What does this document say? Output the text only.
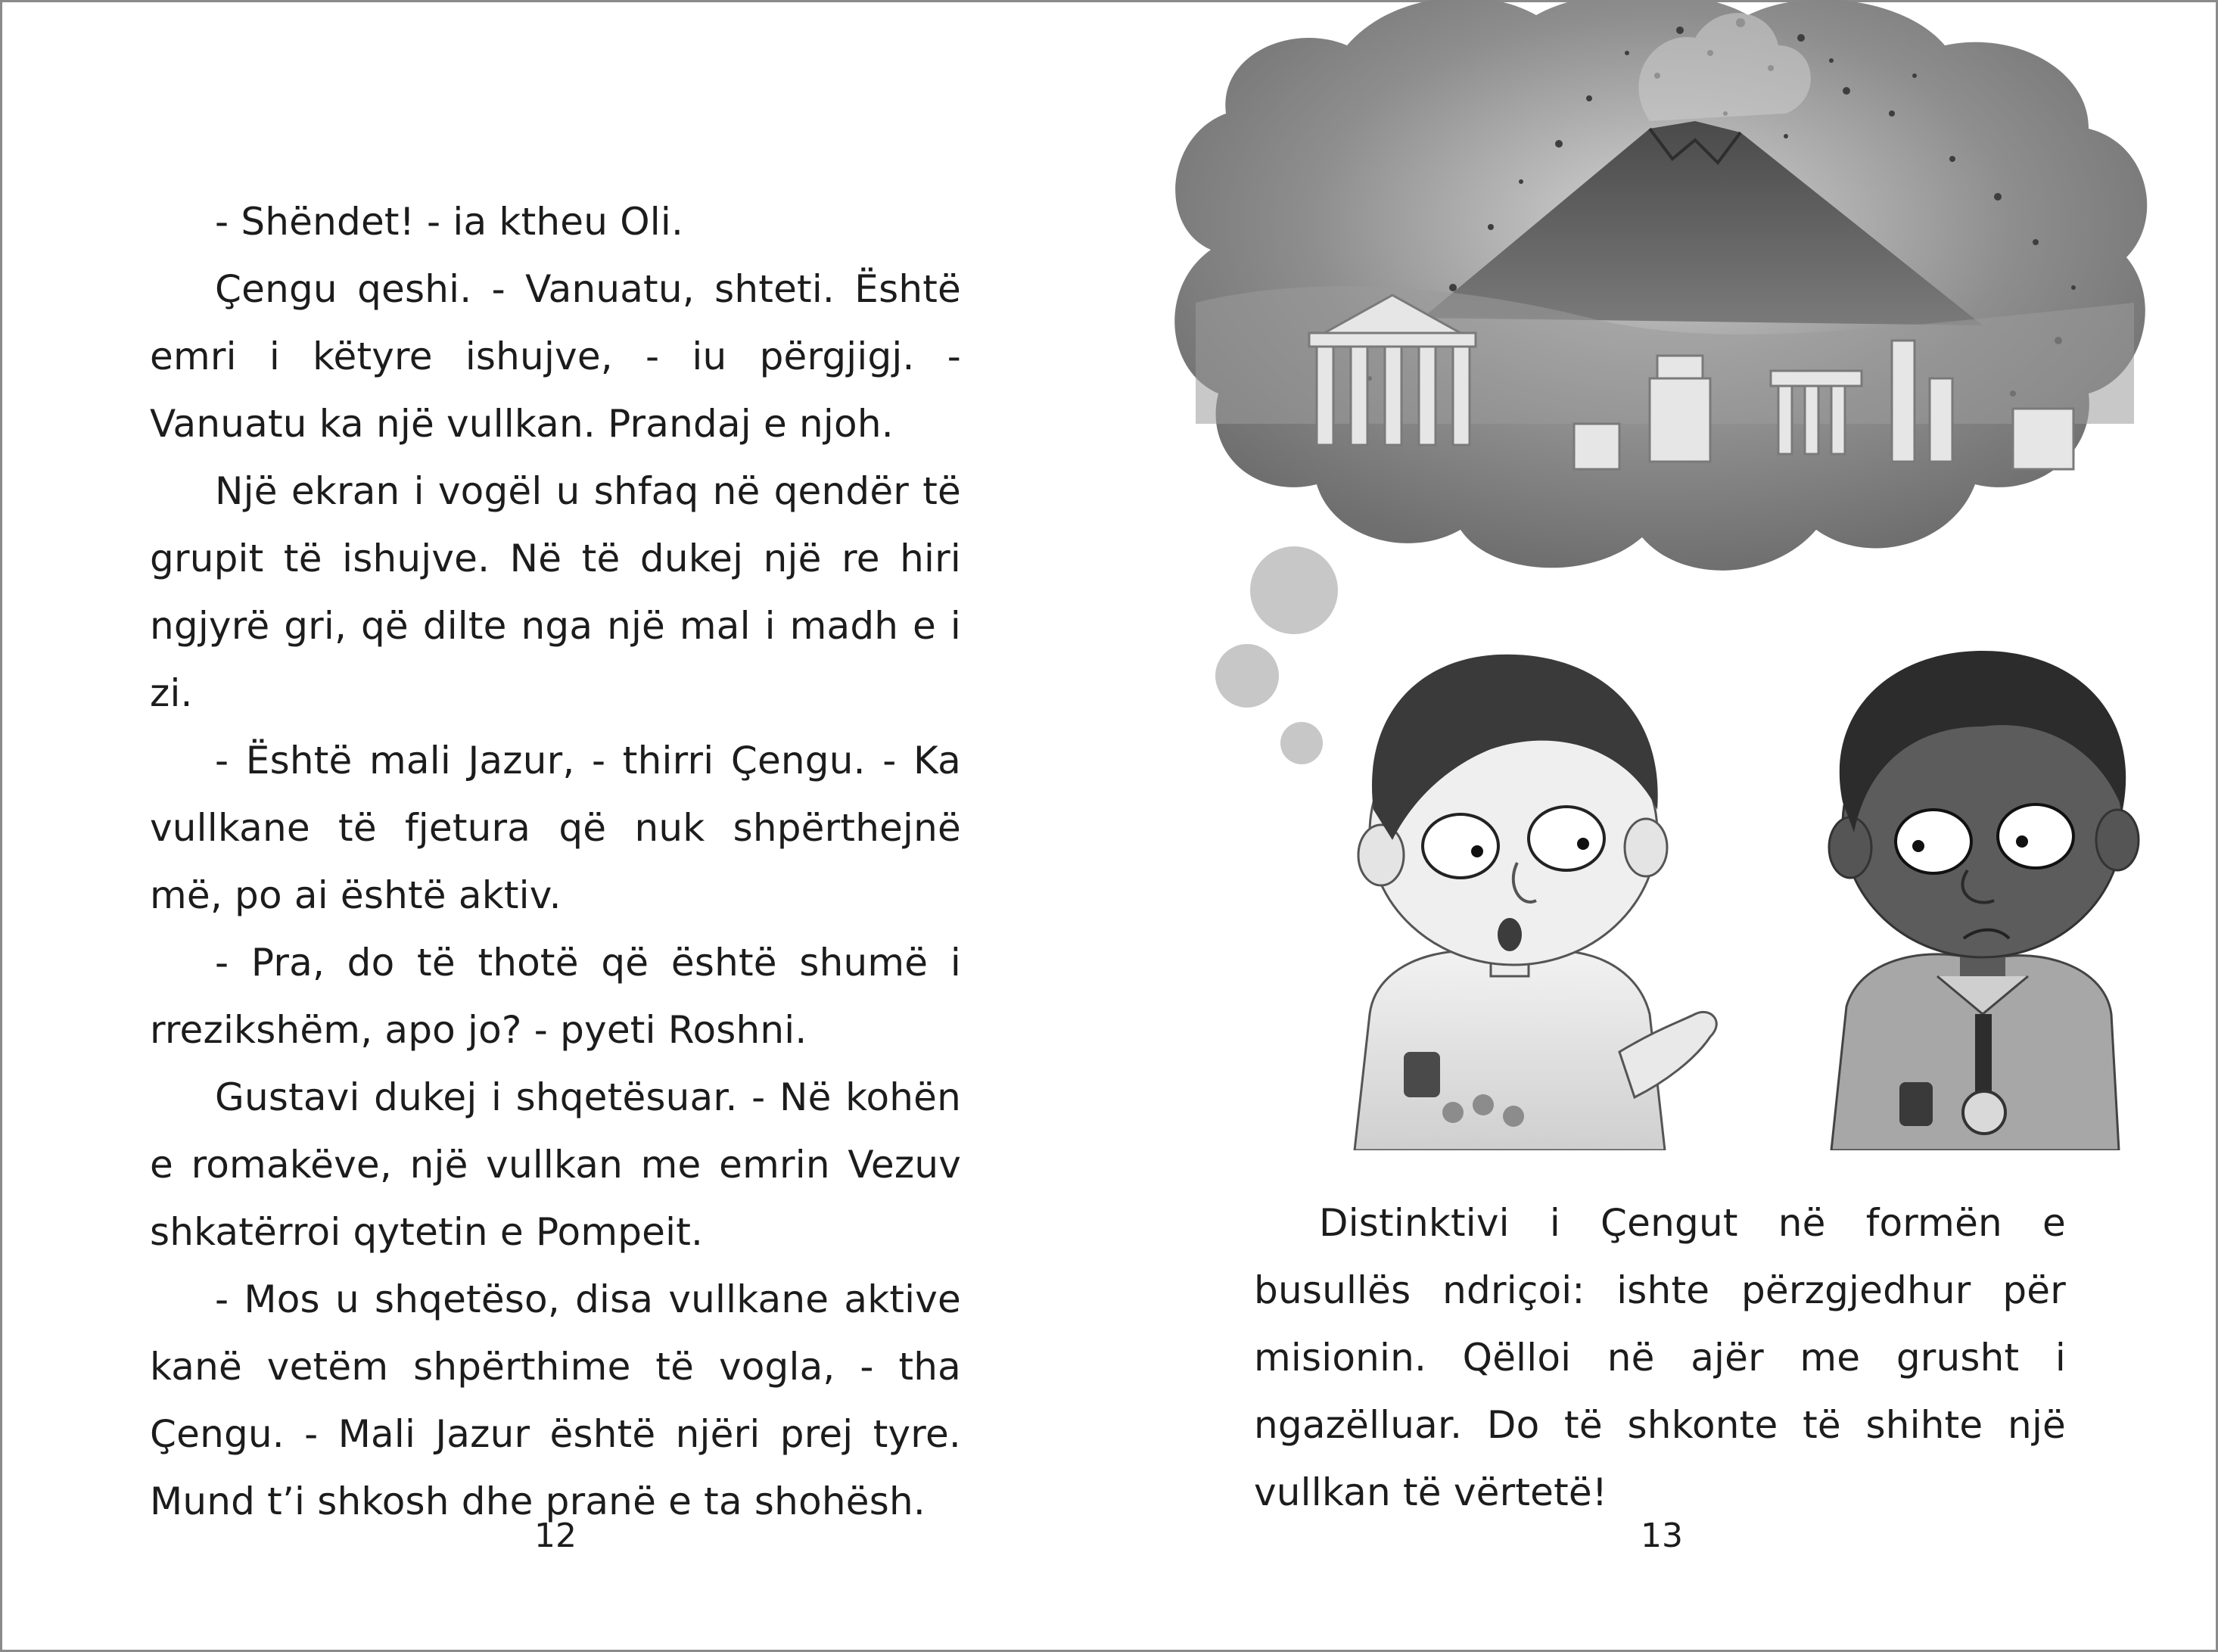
- Shëndet! - ia ktheu Oli.

Çengu qeshi. - Vanuatu, shteti. Është emri i këtyre ishujve, - iu përgjigj. - Vanuatu ka një vullkan. Prandaj e njoh.

Një ekran i vogël u shfaq në qendër të grupit të ishujve. Në të dukej një re hiri ngjyrë gri, që dilte nga një mal i madh e i zi.

- Është mali Jazur, - thirri Çengu. - Ka vullkane të fjetura që nuk shpërthejnë më, po ai është aktiv.

- Pra, do të thotë që është shumë i rrezikshëm, apo jo? - pyeti Roshni.

Gustavi dukej i shqetësuar. - Në kohën e romakëve, një vullkan me emrin Vezuv shkatërroi qytetin e Pompeit.

- Mos u shqetëso, disa vullkane aktive kanë vetëm shpërthime të vogla, - tha Çengu. - Mali Jazur është njëri prej tyre. Mund t’i shkosh dhe pranë e ta shohësh.

12

Distinktivi i Çengut në formën e busullës ndriçoi: ishte përzgjedhur për misionin. Qëlloi në ajër me grusht i ngazëlluar. Do të shkonte të shihte një vullkan të vërtetë!

13
